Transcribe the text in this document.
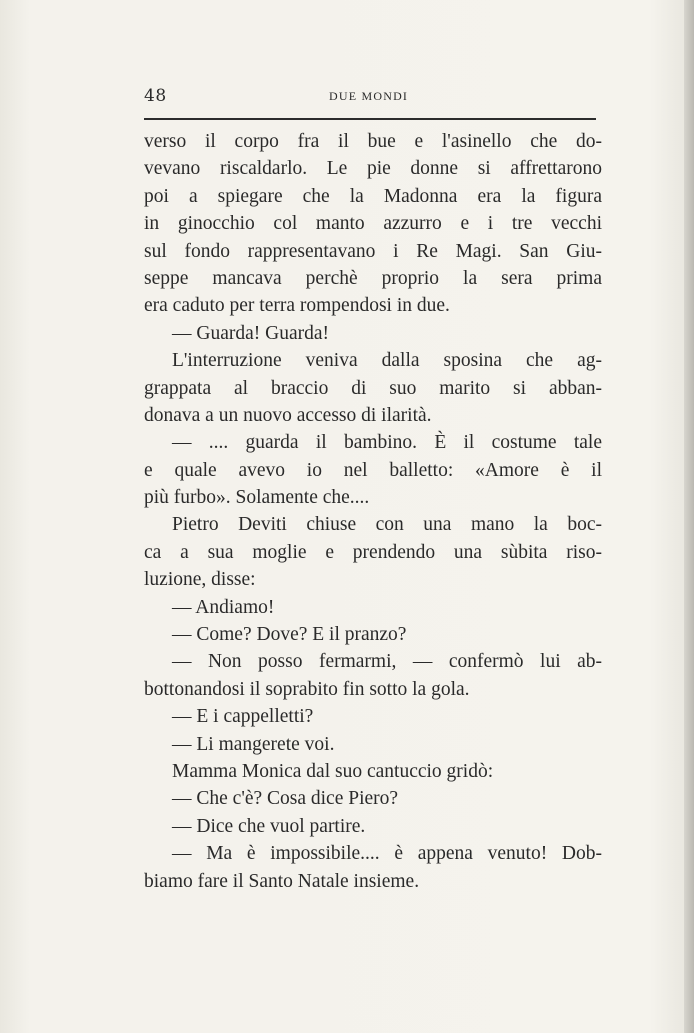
48	DUE MONDI
verso il corpo fra il bue e l'asinello che do-
vevano riscaldarlo. Le pie donne si affrettarono
poi a spiegare che la Madonna era la figura
in ginocchio col manto azzurro e i tre vecchi
sul fondo rappresentavano i Re Magi. San Giu-
seppe mancava perchè proprio la sera prima
era caduto per terra rompendosi in due.
— Guarda! Guarda!
L'interruzione veniva dalla sposina che ag-
grappata al braccio di suo marito si abban-
donava a un nuovo accesso di ilarità.
— .... guarda il bambino. È il costume tale
e quale avevo io nel balletto: «Amore è il
più furbo». Solamente che....
Pietro Deviti chiuse con una mano la boc-
ca a sua moglie e prendendo una sùbita riso-
luzione, disse:
— Andiamo!
— Come? Dove? E il pranzo?
— Non posso fermarmi, — confermò lui ab-
bottonandosi il soprabito fin sotto la gola.
— E i cappelletti?
— Li mangerete voi.
Mamma Monica dal suo cantuccio gridò:
— Che c'è? Cosa dice Piero?
— Dice che vuol partire.
— Ma è impossibile.... è appena venuto! Dob-
biamo fare il Santo Natale insieme.
